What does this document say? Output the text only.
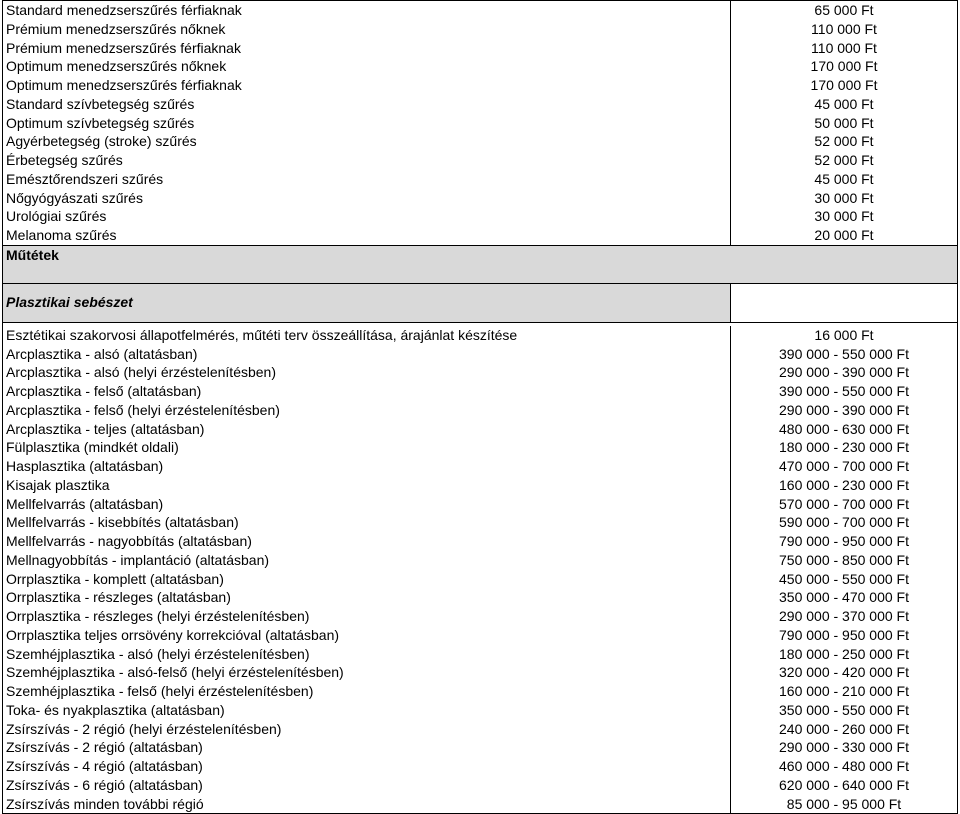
Standard menedzserszűrés férfiaknak
Prémium menedzserszűrés nőknek
Prémium menedzserszűrés férfiaknak
Optimum menedzserszűrés nőknek
Optimum menedzserszűrés férfiaknak
Standard szívbetegség szűrés
Optimum szívbetegség szűrés
Agyérbetegség (stroke) szűrés
Érbetegség szűrés
Emésztőrendszeri szűrés
Nőgyógyászati szűrés
Urológiai szűrés
Melanoma szűrés
65 000 Ft
110 000 Ft
110 000 Ft
170 000 Ft
170 000 Ft
45 000 Ft
50 000 Ft
52 000 Ft
52 000 Ft
45 000 Ft
30 000 Ft
30 000 Ft
20 000 Ft
Műtétek
Plasztikai sebészet
Esztétikai szakorvosi állapotfelmérés, műtéti terv összeállítása, árajánlat készítése
Arcplasztika - alsó (altatásban)
Arcplasztika - alsó (helyi érzéstelenítésben)
Arcplasztika - felső (altatásban)
Arcplasztika - felső (helyi érzéstelenítésben)
Arcplasztika - teljes (altatásban)
Fülplasztika (mindkét oldali)
Hasplasztika (altatásban)
Kisajak plasztika
Mellfelvarrás (altatásban)
Mellfelvarrás - kisebbítés (altatásban)
Mellfelvarrás - nagyobbítás (altatásban)
Mellnagyobbítás - implantáció (altatásban)
Orrplasztika - komplett (altatásban)
Orrplasztika - részleges (altatásban)
Orrplasztika - részleges (helyi érzéstelenítésben)
Orrplasztika teljes orrsövény korrekcióval (altatásban)
Szemhéjplasztika - alsó (helyi érzéstelenítésben)
Szemhéjplasztika - alsó-felső (helyi érzéstelenítésben)
Szemhéjplasztika - felső (helyi érzéstelenítésben)
Toka- és nyakplasztika (altatásban)
Zsírszívás - 2 régió (helyi érzéstelenítésben)
Zsírszívás - 2 régió (altatásban)
Zsírszívás - 4 régió (altatásban)
Zsírszívás - 6 régió (altatásban)
Zsírszívás minden további régió
16 000 Ft
390 000 - 550 000 Ft
290 000 - 390 000 Ft
390 000 - 550 000 Ft
290 000 - 390 000 Ft
480 000 - 630 000 Ft
180 000 - 230 000 Ft
470 000 - 700 000 Ft
160 000 - 230 000 Ft
570 000 - 700 000 Ft
590 000 - 700 000 Ft
790 000 - 950 000 Ft
750 000 - 850 000 Ft
450 000 - 550 000 Ft
350 000 - 470 000 Ft
290 000 - 370 000 Ft
790 000 - 950 000 Ft
180 000 - 250 000 Ft
320 000 - 420 000 Ft
160 000 - 210 000 Ft
350 000 - 550 000 Ft
240 000 - 260 000 Ft
290 000 - 330 000 Ft
460 000 - 480 000 Ft
620 000 - 640 000 Ft
85 000 - 95 000 Ft
